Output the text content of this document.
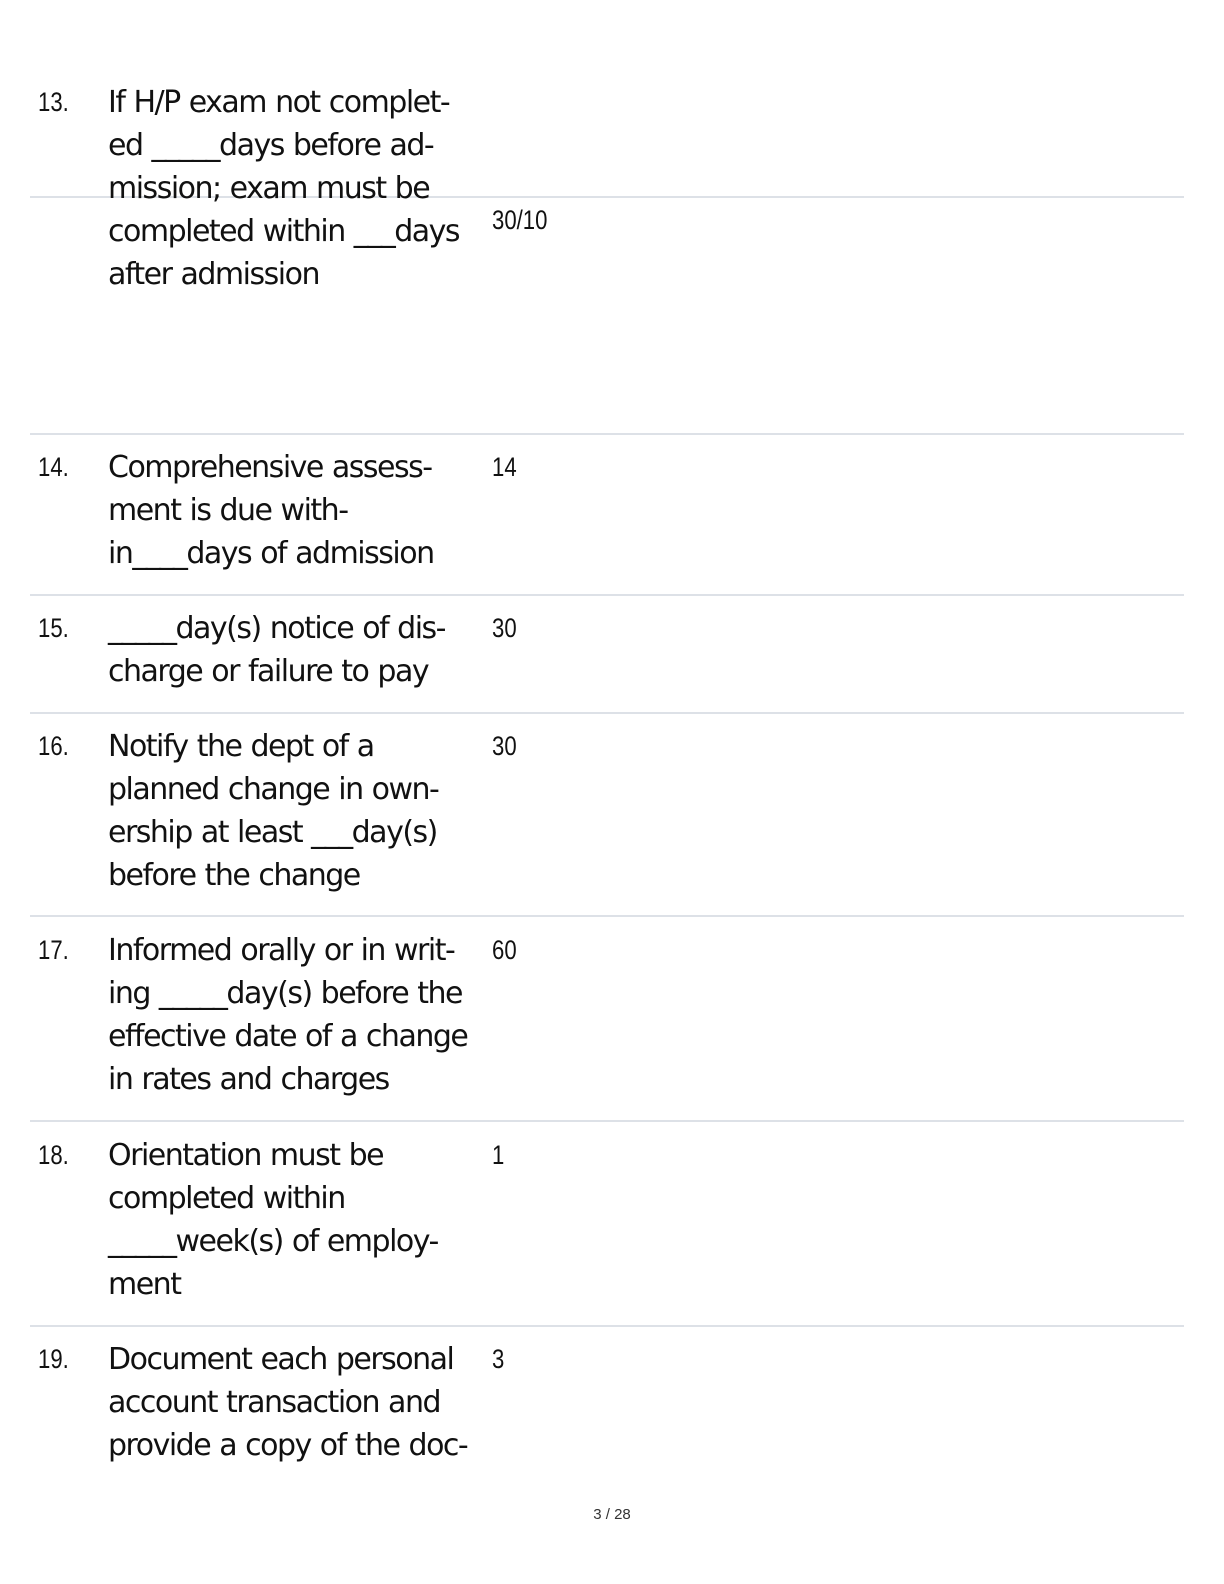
13. If H/P exam not complet-
ed _____days before ad-
mission; exam must be
completed within ___days
after admission

30/10
14. Comprehensive assess-
ment is due with-
in____days of admission

14
15. _____day(s) notice of dis-
charge or failure to pay

30
16. Notify the dept of a
planned change in own-
ership at least ___day(s)
before the change

30
17. Informed orally or in writ-
ing _____day(s) before the
effective date of a change
in rates and charges

60
18. Orientation must be
completed within
_____week(s) of employ-
ment

1
19. Document each personal
account transaction and
provide a copy of the doc-

3
3 / 28
